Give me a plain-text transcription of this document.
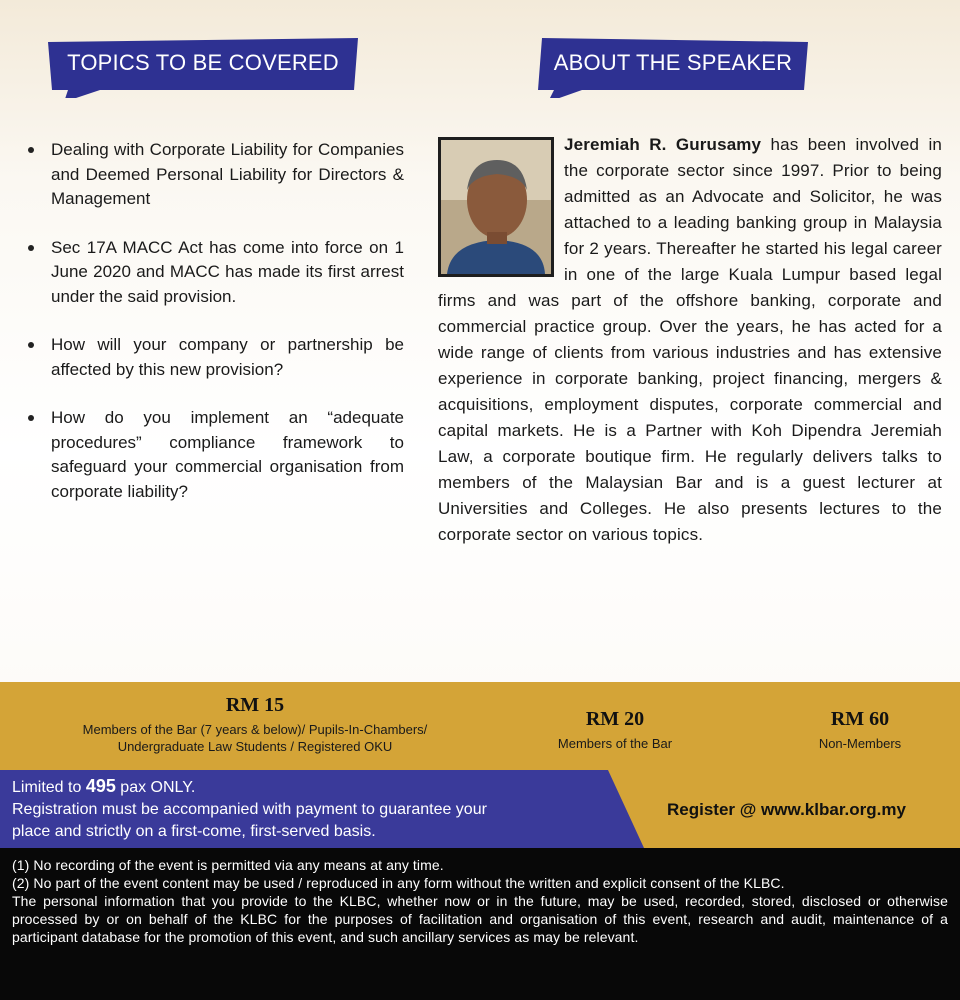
TOPICS TO BE COVERED	ABOUT THE SPEAKER

Dealing with Corporate Liability for Companies and Deemed Personal Liability for Directors & Management

Sec 17A MACC Act has come into force on 1 June 2020 and MACC has made its first arrest under the said provision.

How will your company or partnership be affected by this new provision?

How do you implement an “adequate procedures” compliance framework to safeguard your commercial organisation from corporate liability?

Jeremiah R. Gurusamy has been involved in the corporate sector since 1997. Prior to being admitted as an Advocate and Solicitor, he was attached to a leading banking group in Malaysia for 2 years. Thereafter he started his legal career in one of the large Kuala Lumpur based legal firms and was part of the offshore banking, corporate and commercial practice group. Over the years, he has acted for a wide range of clients from various industries and has extensive experience in corporate banking, project financing, mergers & acquisitions, employment disputes, corporate commercial and capital markets. He is a Partner with Koh Dipendra Jeremiah Law, a corporate boutique firm. He regularly delivers talks to members of the Malaysian Bar and is a guest lecturer at Universities and Colleges. He also presents lectures to the corporate sector on various topics.

RM 15
Members of the Bar (7 years & below)/ Pupils-In-Chambers/
Undergraduate Law Students / Registered OKU
RM 20
Members of the Bar
RM 60
Non-Members
Limited to 495 pax ONLY.
Registration must be accompanied with payment to guarantee your
place and strictly on a first-come, first-served basis.
Register @ www.klbar.org.my

(1) No recording of the event is permitted via any means at any time.

(2) No part of the event content may be used / reproduced in any form without the written and explicit consent of the KLBC.

The personal information that you provide to the KLBC, whether now or in the future, may be used, recorded, stored, disclosed or otherwise processed by or on behalf of the KLBC for the purposes of facilitation and organisation of this event, research and audit, maintenance of a participant database for the promotion of this event, and such ancillary services as may be relevant.
